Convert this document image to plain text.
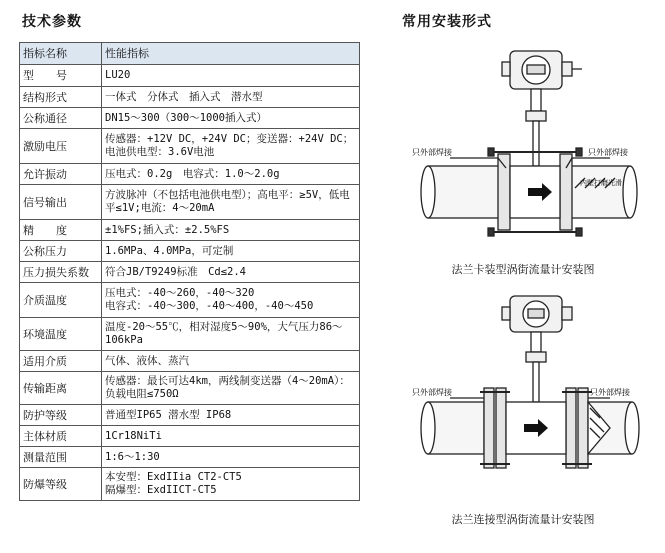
技术参数	常用安装形式
指标名称	性能指标
型　　号	LU20
结构形式	一体式　分体式　插入式　潜水型
公称通径	DN15～300（300～1000插入式）
激励电压	传感器：+12V DC，+24V DC；变送器：+24V DC；电池供电型：3.6V电池
允许振动	压电式：0.2g　电容式：1.0～2.0g
信号输出	方波脉冲（不包括电池供电型）；高电平：≥5V，低电平≤1V;电流：4～20mA
精　　度	±1%FS;插入式：±2.5%FS
公称压力	1.6MPa、4.0MPa，可定制
压力损失系数	符合JB/T9249标准　Cd≤2.4
介质温度	压电式：-40～260，-40～320
电容式：-40～300，-40～400，-40～450
环境温度	温度-20～55℃，相对湿度5～90%，大气压力86～106kPa
适用介质	气体、液体、蒸汽
传输距离	传感器：最长可达4km，两线制变送器（4～20mA）：负载电阻≤750Ω
防护等级	普通型IP65 潜水型 IP68
主体材质	1Cr18NiTi
测量范围	1:6～1:30
防爆等级	本安型：ExdIIia CT2-CT5
隔爆型：ExdIICT-CT5
只外部焊接	只外部焊接
内壁打磨光滑
法兰卡装型涡街流量计安装图
只外部焊接	只外部焊接
法兰连接型涡街流量计安装图
